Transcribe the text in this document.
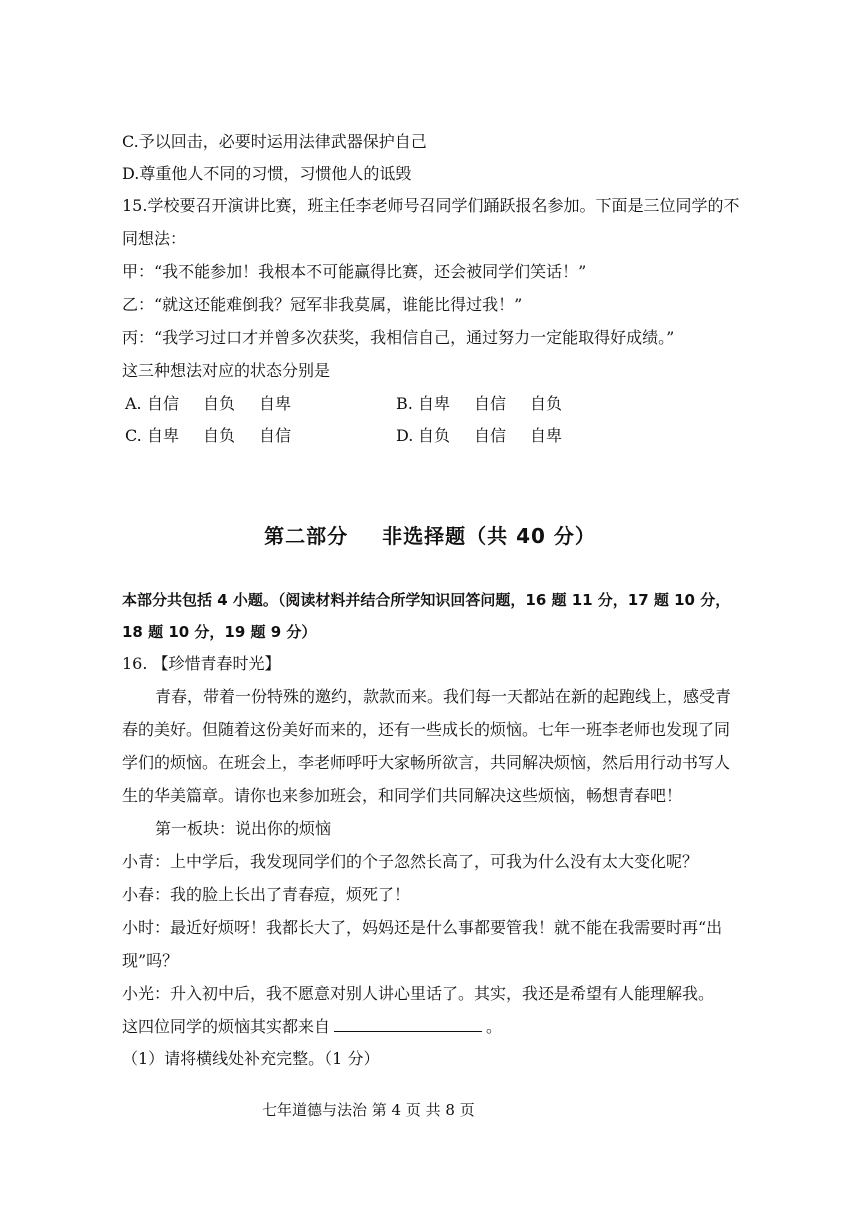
C.予以回击，必要时运用法律武器保护自己
D.尊重他人不同的习惯，习惯他人的诋毁
15.学校要召开演讲比赛，班主任李老师号召同学们踊跃报名参加。下面是三位同学的不
同想法：
甲：“我不能参加！我根本不可能赢得比赛，还会被同学们笑话！”
乙：“就这还能难倒我？冠军非我莫属，谁能比得过我！”
丙：“我学习过口才并曾多次获奖，我相信自己，通过努力一定能取得好成绩。”
这三种想法对应的状态分别是
A. 自信 自负 自卑	B. 自卑 自信 自负
C. 自卑 自负 自信	D. 自负 自信 自卑
第二部分 非选择题（共 40 分）
本部分共包括 4 小题。（阅读材料并结合所学知识回答问题，16 题 11 分，17 题 10 分，
18 题 10 分，19 题 9 分）
16. 【珍惜青春时光】
青春，带着一份特殊的邀约，款款而来。我们每一天都站在新的起跑线上，感受青
春的美好。但随着这份美好而来的，还有一些成长的烦恼。七年一班李老师也发现了同
学们的烦恼。在班会上，李老师呼吁大家畅所欲言，共同解决烦恼，然后用行动书写人
生的华美篇章。请你也来参加班会，和同学们共同解决这些烦恼，畅想青春吧！
第一板块：说出你的烦恼
小青：上中学后，我发现同学们的个子忽然长高了，可我为什么没有太大变化呢？
小春：我的脸上长出了青春痘，烦死了！
小时：最近好烦呀！我都长大了，妈妈还是什么事都要管我！就不能在我需要时再“出
现”吗？
小光：升入初中后，我不愿意对别人讲心里话了。其实，我还是希望有人能理解我。
这四位同学的烦恼其实都来自	。
（1）请将横线处补充完整。（1 分）
七年道德与法治 第 4 页 共 8 页
